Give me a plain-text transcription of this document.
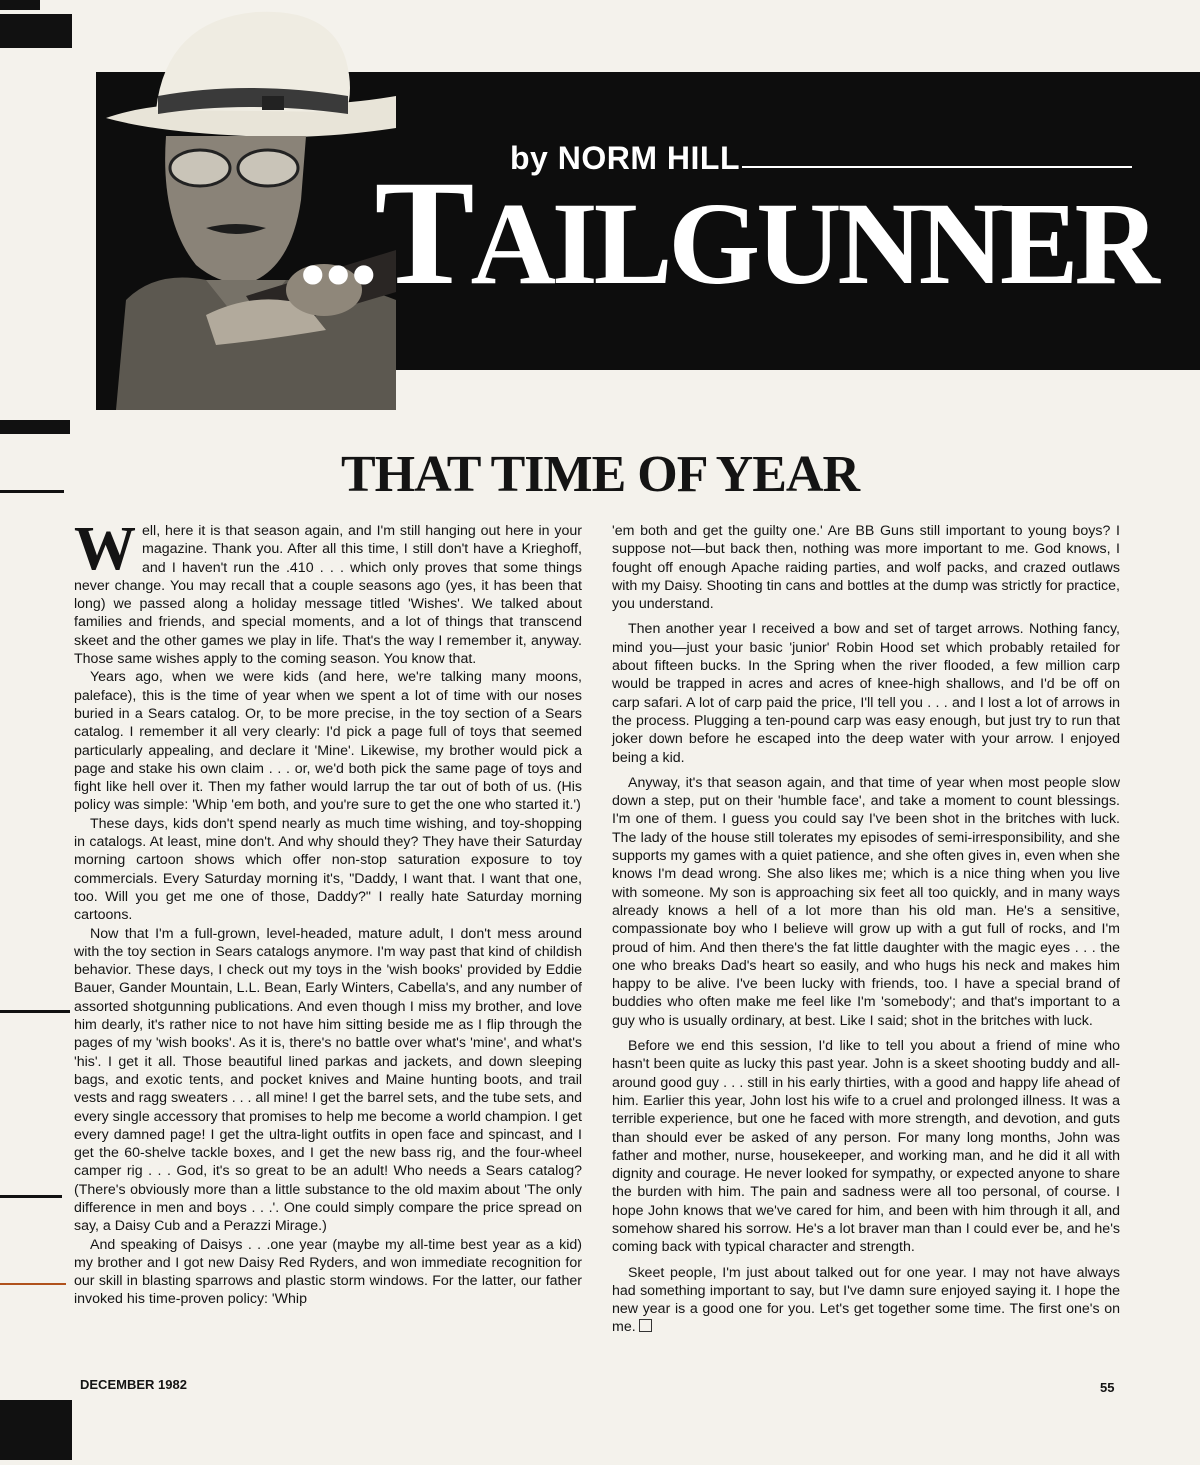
by NORM HILL
...TAILGUNNER
THAT TIME OF YEAR

Well, here it is that season again, and I'm still hanging out here in your magazine. Thank you. After all this time, I still don't have a Krieghoff, and I haven't run the .410 . . . which only proves that some things never change. You may recall that a couple seasons ago (yes, it has been that long) we passed along a holiday message titled 'Wishes'. We talked about families and friends, and special moments, and a lot of things that transcend skeet and the other games we play in life. That's the way I remember it, anyway. Those same wishes apply to the coming season. You know that.

Years ago, when we were kids (and here, we're talking many moons, paleface), this is the time of year when we spent a lot of time with our noses buried in a Sears catalog. Or, to be more precise, in the toy section of a Sears catalog. I remember it all very clearly: I'd pick a page full of toys that seemed particularly appealing, and declare it 'Mine'. Likewise, my brother would pick a page and stake his own claim . . . or, we'd both pick the same page of toys and fight like hell over it. Then my father would larrup the tar out of both of us. (His policy was simple: 'Whip 'em both, and you're sure to get the one who started it.')

These days, kids don't spend nearly as much time wishing, and toy-shopping in catalogs. At least, mine don't. And why should they? They have their Saturday morning cartoon shows which offer non-stop saturation exposure to toy commercials. Every Saturday morning it's, "Daddy, I want that. I want that one, too. Will you get me one of those, Daddy?" I really hate Saturday morning cartoons.

Now that I'm a full-grown, level-headed, mature adult, I don't mess around with the toy section in Sears catalogs anymore. I'm way past that kind of childish behavior. These days, I check out my toys in the 'wish books' provided by Eddie Bauer, Gander Mountain, L.L. Bean, Early Winters, Cabella's, and any number of assorted shotgunning publications. And even though I miss my brother, and love him dearly, it's rather nice to not have him sitting beside me as I flip through the pages of my 'wish books'. As it is, there's no battle over what's 'mine', and what's 'his'. I get it all. Those beautiful lined parkas and jackets, and down sleeping bags, and exotic tents, and pocket knives and Maine hunting boots, and trail vests and ragg sweaters . . . all mine! I get the barrel sets, and the tube sets, and every single accessory that promises to help me become a world champion. I get every damned page! I get the ultra-light outfits in open face and spincast, and I get the 60-shelve tackle boxes, and I get the new bass rig, and the four-wheel camper rig . . . God, it's so great to be an adult! Who needs a Sears catalog? (There's obviously more than a little substance to the old maxim about 'The only difference in men and boys . . .'. One could simply compare the price spread on say, a Daisy Cub and a Perazzi Mirage.)

And speaking of Daisys . . .one year (maybe my all-time best year as a kid) my brother and I got new Daisy Red Ryders, and won immediate recognition for our skill in blasting sparrows and plastic storm windows. For the latter, our father invoked his time-proven policy: 'Whip

'em both and get the guilty one.' Are BB Guns still important to young boys? I suppose not—but back then, nothing was more important to me. God knows, I fought off enough Apache raiding parties, and wolf packs, and crazed outlaws with my Daisy. Shooting tin cans and bottles at the dump was strictly for practice, you understand.

Then another year I received a bow and set of target arrows. Nothing fancy, mind you—just your basic 'junior' Robin Hood set which probably retailed for about fifteen bucks. In the Spring when the river flooded, a few million carp would be trapped in acres and acres of knee-high shallows, and I'd be off on carp safari. A lot of carp paid the price, I'll tell you . . . and I lost a lot of arrows in the process. Plugging a ten-pound carp was easy enough, but just try to run that joker down before he escaped into the deep water with your arrow. I enjoyed being a kid.

Anyway, it's that season again, and that time of year when most people slow down a step, put on their 'humble face', and take a moment to count blessings. I'm one of them. I guess you could say I've been shot in the britches with luck. The lady of the house still tolerates my episodes of semi-irresponsibility, and she supports my games with a quiet patience, and she often gives in, even when she knows I'm dead wrong. She also likes me; which is a nice thing when you live with someone. My son is approaching six feet all too quickly, and in many ways already knows a hell of a lot more than his old man. He's a sensitive, compassionate boy who I believe will grow up with a gut full of rocks, and I'm proud of him. And then there's the fat little daughter with the magic eyes . . . the one who breaks Dad's heart so easily, and who hugs his neck and makes him happy to be alive. I've been lucky with friends, too. I have a special brand of buddies who often make me feel like I'm 'somebody'; and that's important to a guy who is usually ordinary, at best. Like I said; shot in the britches with luck.

Before we end this session, I'd like to tell you about a friend of mine who hasn't been quite as lucky this past year. John is a skeet shooting buddy and all-around good guy . . . still in his early thirties, with a good and happy life ahead of him. Earlier this year, John lost his wife to a cruel and prolonged illness. It was a terrible experience, but one he faced with more strength, and devotion, and guts than should ever be asked of any person. For many long months, John was father and mother, nurse, housekeeper, and working man, and he did it all with dignity and courage. He never looked for sympathy, or expected anyone to share the burden with him. The pain and sadness were all too personal, of course. I hope John knows that we've cared for him, and been with him through it all, and somehow shared his sorrow. He's a lot braver man than I could ever be, and he's coming back with typical character and strength.

Skeet people, I'm just about talked out for one year. I may not have always had something important to say, but I've damn sure enjoyed saying it. I hope the new year is a good one for you. Let's get together some time. The first one's on me.

DECEMBER 1982	55
